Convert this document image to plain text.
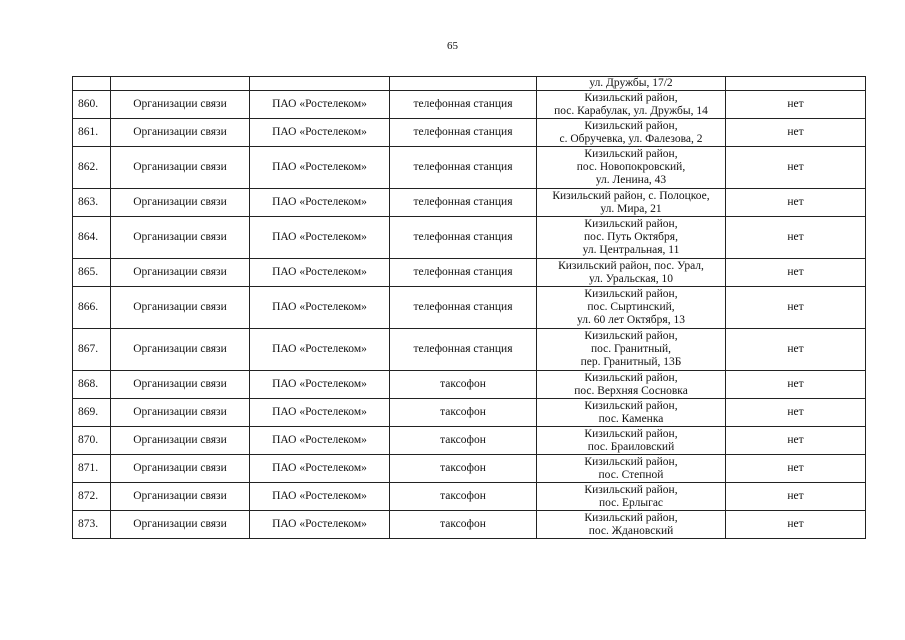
65

				ул. Дружбы, 17/2	

860.	Организации связи	ПАО «Ростелеком»	телефонная станция	Кизильский район,
пос. Карабулак, ул. Дружбы, 14	нет
861.	Организации связи	ПАО «Ростелеком»	телефонная станция	Кизильский район,
с. Обручевка, ул. Фалезова, 2	нет
862.	Организации связи	ПАО «Ростелеком»	телефонная станция	Кизильский район,
пос. Новопокровский,
ул. Ленина, 43	нет
863.	Организации связи	ПАО «Ростелеком»	телефонная станция	Кизильский район, с. Полоцкое,
ул. Мира, 21	нет
864.	Организации связи	ПАО «Ростелеком»	телефонная станция	Кизильский район,
пос. Путь Октября,
ул. Центральная, 11	нет
865.	Организации связи	ПАО «Ростелеком»	телефонная станция	Кизильский район, пос. Урал,
ул. Уральская, 10	нет
866.	Организации связи	ПАО «Ростелеком»	телефонная станция	Кизильский район,
пос. Сыртинский,
ул. 60 лет Октября, 13	нет
867.	Организации связи	ПАО «Ростелеком»	телефонная станция	Кизильский район,
пос. Гранитный,
пер. Гранитный, 13Б	нет
868.	Организации связи	ПАО «Ростелеком»	таксофон	Кизильский район,
пос. Верхняя Сосновка	нет
869.	Организации связи	ПАО «Ростелеком»	таксофон	Кизильский район,
пос. Каменка	нет
870.	Организации связи	ПАО «Ростелеком»	таксофон	Кизильский район,
пос. Браиловский	нет
871.	Организации связи	ПАО «Ростелеком»	таксофон	Кизильский район,
пос. Степной	нет
872.	Организации связи	ПАО «Ростелеком»	таксофон	Кизильский район,
пос. Ерлыгас	нет
873.	Организации связи	ПАО «Ростелеком»	таксофон	Кизильский район,
пос. Ждановский	нет
